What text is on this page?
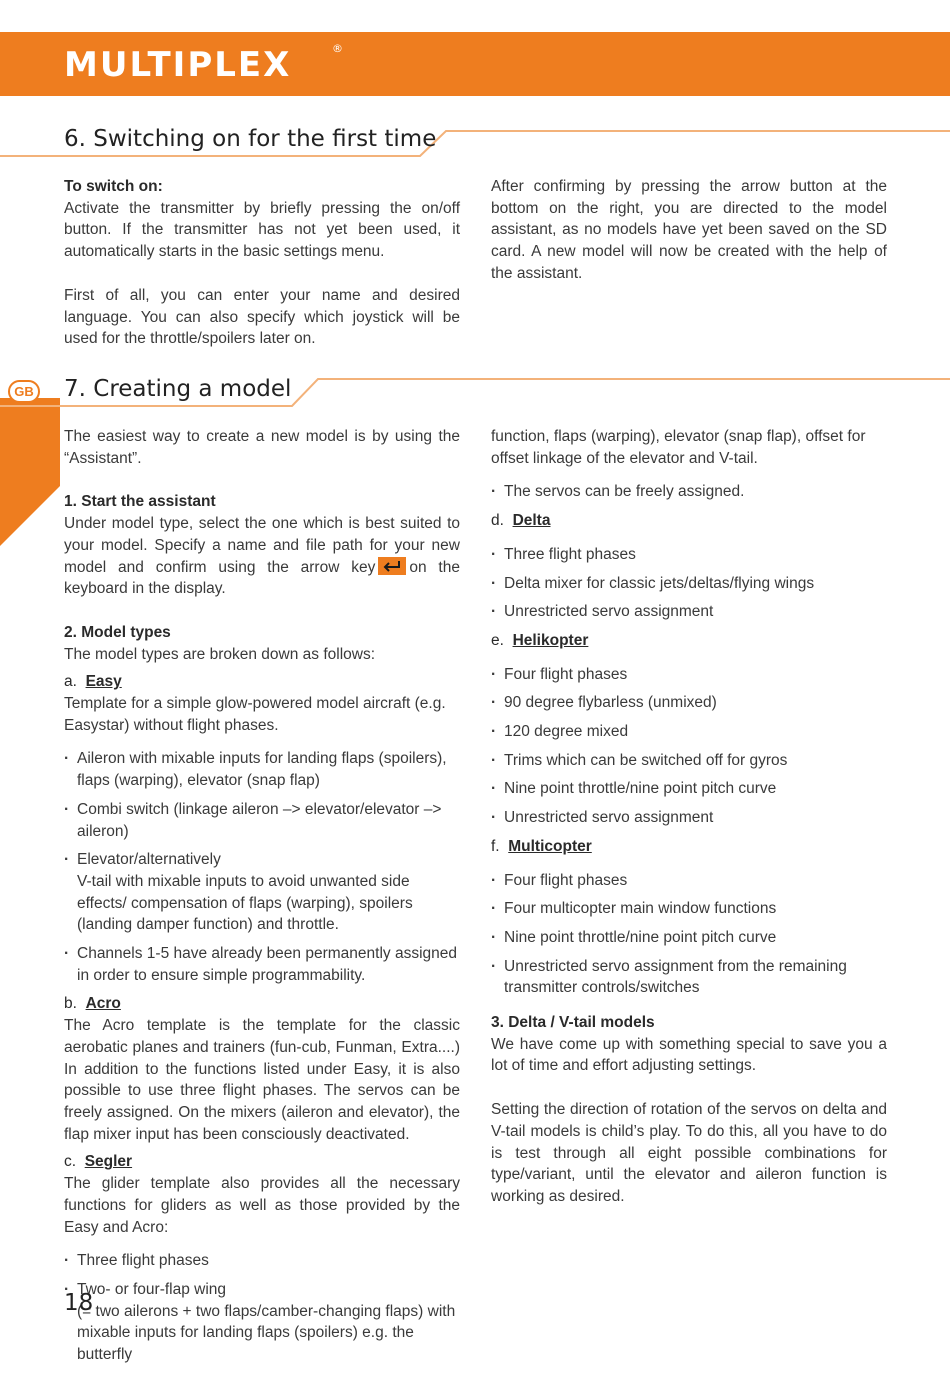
MULTIPLEX	®
GB
6. Switching on for the first time

To switch on:

Activate the transmitter by briefly pressing the on/off button. If the transmitter has not yet been used, it automatically starts in the basic settings menu.

First of all, you can enter your name and desired language. You can also specify which joystick will be used for the throttle/spoilers later on.

After confirming by pressing the arrow button at the bottom on the right, you are directed to the model assistant, as no models have yet been saved on the SD card. A new model will now be created with the help of the assistant.

7. Creating a model

The easiest way to create a new model is by using the “Assistant”.

1. Start the assistant

Under model type, select the one which is best suited to your model. Specify a name and file path for your new model and confirm using the arrow key on the keyboard in the display.

2. Model types

The model types are broken down as follows:

a. Easy

Template for a simple glow-powered model aircraft (e.g. Easystar) without flight phases.

· Aileron with mixable inputs for landing flaps (spoilers), flaps (warping), elevator (snap flap)
· Combi switch (linkage aileron –> elevator/elevator –> aileron)
· Elevator/alternatively
V-tail with mixable inputs to avoid unwanted side effects/ compensation of flaps (warping), spoilers (landing damper function) and throttle.
· Channels 1-5 have already been permanently assigned in order to ensure simple programmability.

b. Acro

The Acro template is the template for the classic aerobatic planes and trainers (fun-cub, Funman, Extra....) In addition to the functions listed under Easy, it is also possible to use three flight phases. The servos can be freely assigned. On the mixers (aileron and elevator), the flap mixer input has been consciously deactivated.

c. Segler

The glider template also provides all the necessary functions for gliders as well as those provided by the Easy and Acro:

· Three flight phases
· Two- or four-flap wing
(= two ailerons + two flaps/camber-changing flaps) with mixable inputs for landing flaps (spoilers) e.g. the butterfly

function, flaps (warping), elevator (snap flap), offset for offset linkage of the elevator and V-tail.

· The servos can be freely assigned.

d. Delta

· Three flight phases
· Delta mixer for classic jets/deltas/flying wings
· Unrestricted servo assignment

e. Helikopter

· Four flight phases
· 90 degree flybarless (unmixed)
· 120 degree mixed
· Trims which can be switched off for gyros
· Nine point throttle/nine point pitch curve
· Unrestricted servo assignment

f. Multicopter

· Four flight phases
· Four multicopter main window functions
· Nine point throttle/nine point pitch curve
· Unrestricted servo assignment from the remaining transmitter controls/switches

3. Delta / V-tail models

We have come up with something special to save you a lot of time and effort adjusting settings.

Setting the direction of rotation of the servos on delta and V-tail models is child’s play. To do this, all you have to do is test through all eight possible combinations for type/variant, until the elevator and aileron function is working as desired.

18
